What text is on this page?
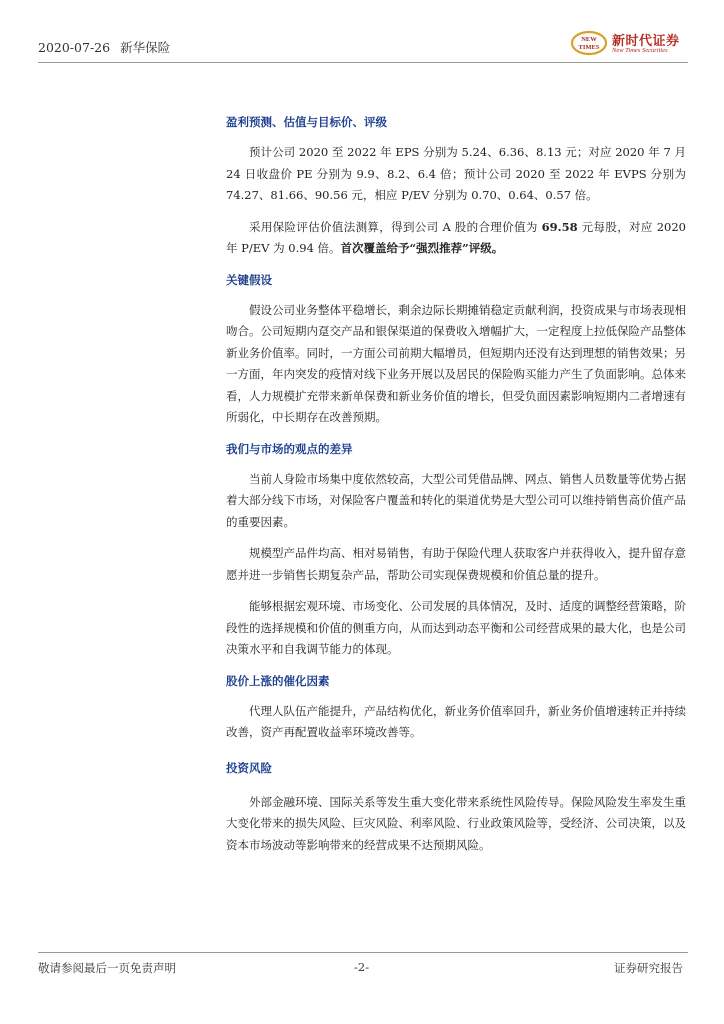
2020-07-26 新华保险
NEW
TIMES 新时代证券
New Times Securities
盈利预测、估值与目标价、评级

预计公司 2020 至 2022 年 EPS 分别为 5.24、6.36、8.13 元；对应 2020 年 7 月 24 日收盘价 PE 分别为 9.9、8.2、6.4 倍；预计公司 2020 至 2022 年 EVPS 分别为 74.27、81.66、90.56 元，相应 P/EV 分别为 0.70、0.64、0.57 倍。

采用保险评估价值法测算，得到公司 A 股的合理价值为 69.58 元每股，对应 2020 年 P/EV 为 0.94 倍。首次覆盖给予“强烈推荐”评级。

关键假设

假设公司业务整体平稳增长，剩余边际长期摊销稳定贡献利润，投资成果与市场表现相吻合。公司短期内趸交产品和银保渠道的保费收入增幅扩大，一定程度上拉低保险产品整体新业务价值率。同时，一方面公司前期大幅增员，但短期内还没有达到理想的销售效果；另一方面，年内突发的疫情对线下业务开展以及居民的保险购买能力产生了负面影响。总体来看，人力规模扩充带来新单保费和新业务价值的增长，但受负面因素影响短期内二者增速有所弱化，中长期存在改善预期。

我们与市场的观点的差异

当前人身险市场集中度依然较高，大型公司凭借品牌、网点、销售人员数量等优势占据着大部分线下市场，对保险客户覆盖和转化的渠道优势是大型公司可以维持销售高价值产品的重要因素。

规模型产品件均高、相对易销售，有助于保险代理人获取客户并获得收入，提升留存意愿并进一步销售长期复杂产品，帮助公司实现保费规模和价值总量的提升。

能够根据宏观环境、市场变化、公司发展的具体情况，及时、适度的调整经营策略，阶段性的选择规模和价值的侧重方向，从而达到动态平衡和公司经营成果的最大化，也是公司决策水平和自我调节能力的体现。

股价上涨的催化因素

代理人队伍产能提升，产品结构优化，新业务价值率回升，新业务价值增速转正并持续改善，资产再配置收益率环境改善等。

投资风险

外部金融环境、国际关系等发生重大变化带来系统性风险传导。保险风险发生率发生重大变化带来的损失风险、巨灾风险、利率风险、行业政策风险等，受经济、公司决策，以及资本市场波动等影响带来的经营成果不达预期风险。

敬请参阅最后一页免责声明	-2-	证券研究报告
